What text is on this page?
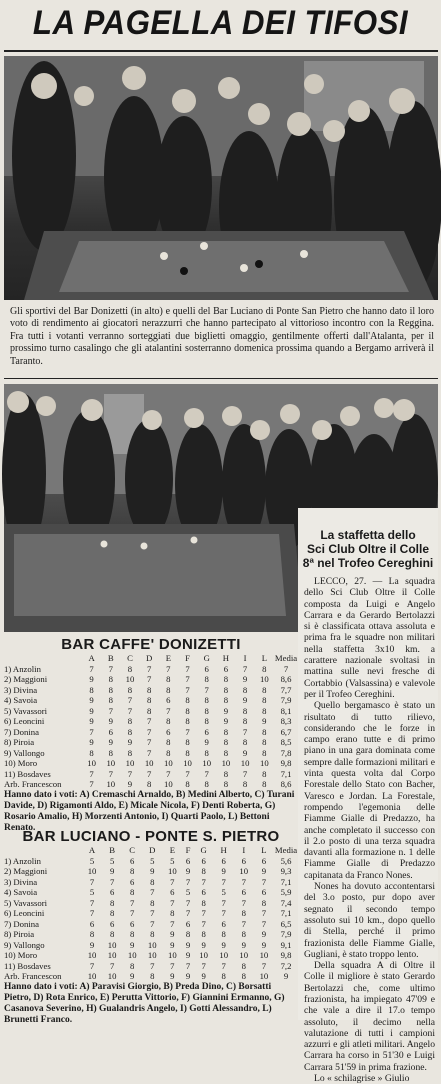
LA PAGELLA DEI TIFOSI
Gli sportivi del Bar Donizetti (in alto) e quelli del Bar Luciano di Ponte San Pietro che hanno dato il loro voto di rendimento ai giocatori nerazzurri che hanno partecipato al vittorioso incontro con la Reggina. Fra tutti i votanti verranno sorteggiati due biglietti omaggio, gentilmente offerti dall'Atalanta, per il prossimo turno casalingo che gli atalantini sosterranno domenica prossima quando a Bergamo arriverà il Taranto.
La staffetta dello
Sci Club Oltre il Colle
8ª nel Trofeo Cereghini

LECCO, 27. — La squadra dello Sci Club Oltre il Colle composta da Luigi e Angelo Carrara e da Gerardo Bertolazzi si è classificata ottava assoluta e prima fra le squadre non militari nella staffetta 3x10 km. a carattere nazionale svoltasi in mattina sulle nevi fresche di Cortabbio (Valsassina) e valevole per il Trofeo Cereghini.

Quello bergamasco è stato un risultato di tutto rilievo, considerando che le forze in campo erano tutte e di primo piano in una gara dominata come sempre dalle formazioni militari e vinta questa volta dal Corpo Forestale dello Stato con Bacher, Varesco e Jordan. La Forestale, rompendo l'egemonia delle Fiamme Gialle di Predazzo, ha anche completato il successo con il 2.o posto di una terza squadra davanti alla formazione n. 1 delle Fiamme Gialle di Predazzo capitanata da Franco Nones.

Nones ha dovuto accontentarsi del 3.o posto, pur dopo aver segnato il secondo tempo assoluto sui 10 km., dopo quello di Stella, perché il primo frazionista delle Fiamme Gialle, Gugliani, è stato troppo lento.

Della squadra A di Oltre il Colle il migliore è stato Gerardo Bertolazzi che, come ultimo frazionista, ha impiegato 47'09 e che vale a dire il 17.o tempo assoluto, il decimo nella valutazione di tutti i campioni azzurri e gli atleti militari. Angelo Carrara ha corso in 51'30 e Luigi Carrara 51'59 in prima frazione.

Lo « schilagrise » Giulio

BAR CAFFE' DONIZETTI
	A	B	C	D	E	F	G	H	I	L	Media
1) Anzolin	7	7	8	7	7	7	6	6	7	8	7
2) Maggioni	9	8	10	7	8	7	8	8	9	10	8,6
3) Divina	8	8	8	8	8	7	7	8	8	8	7,7
4) Savoia	9	8	7	8	6	8	8	8	9	8	7,9
5) Vavassori	9	7	7	8	7	8	8	9	8	8	8,1
6) Leoncini	9	9	8	7	8	8	8	9	8	9	8,3
7) Donina	7	6	8	7	6	7	6	8	7	8	6,7
8) Piroia	9	9	9	7	8	8	9	8	8	8	8,5
9) Vallongo	8	8	8	7	8	8	8	8	9	8	7,8
10) Moro	10	10	10	10	10	10	10	10	10	10	9,8
11) Bosdaves	7	7	7	7	7	7	7	8	7	8	7,1
Arb. Francescon	7	10	9	8	10	8	8	8	8	8	8,6
Hanno dato i voti: A) Cremaschi Arnaldo, B) Medini Alberto, C) Turani Davide, D) Rigamonti Aldo, E) Micale Nicola, F) Denti Roberta, G) Rosario Amalio, H) Morzenti Antonio, I) Quarti Paolo, L) Bettoni Renato.
BAR LUCIANO - PONTE S. PIETRO
	A	B	C	D	E	F	G	H	I	L	Media
1) Anzolin	5	5	6	5	5	6	6	6	6	6	5,6
2) Maggioni	10	9	8	9	10	9	8	9	10	9	9,3
3) Divina	7	7	6	8	7	7	7	7	7	7	7,1
4) Savoia	5	6	8	7	6	5	6	5	6	6	5,9
5) Vavassori	7	8	7	8	7	7	8	7	7	8	7,4
6) Leoncini	7	8	7	7	8	7	7	7	8	7	7,1
7) Donina	6	6	6	7	7	6	7	6	7	7	6,5
8) Piroia	8	8	8	8	9	8	8	8	8	9	7,9
9) Vallongo	9	10	9	10	9	9	9	9	9	9	9,1
10) Moro	10	10	10	10	10	9	10	10	10	10	9,8
11) Bosdaves	7	7	8	7	7	7	7	7	8	7	7,2
Arb. Francescon	10	10	9	8	9	9	9	8	8	10	9
Hanno dato i voti: A) Paravisi Giorgio, B) Preda Dino, C) Borsatti Pietro, D) Rota Enrico, E) Perutta Vittorio, F) Giannini Ermanno, G) Casanova Severino, H) Gualandris Angelo, I) Gotti Alessandro, L) Brunetti Franco.
